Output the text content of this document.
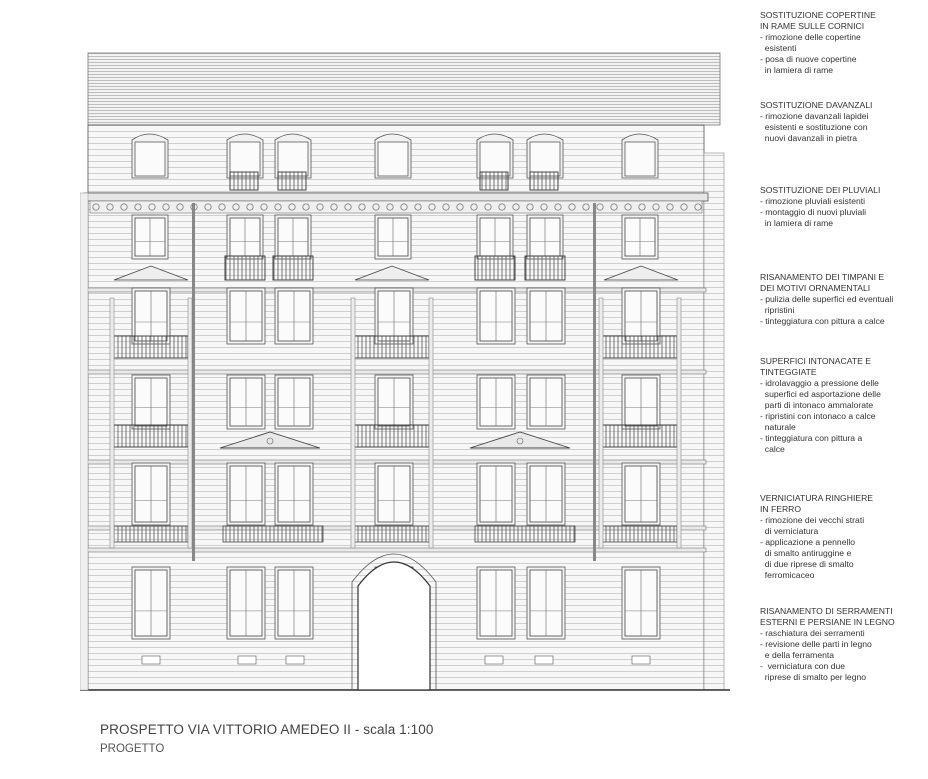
SOSTITUZIONE COPERTINE
IN RAME SULLE CORNICI
- rimozione delle copertine
esistenti
- posa di nuove copertine
in lamiera di rame
SOSTITUZIONE DAVANZALI
- rimozione davanzali lapidei
esistenti e sostituzione con
nuovi davanzali in pietra
SOSTITUZIONE DEI PLUVIALI
- rimozione pluviali esistenti
- montaggio di nuovi pluviali
in lamiera di rame
RISANAMENTO DEI TIMPANI E
DEI MOTIVI ORNAMENTALI
- pulizia delle superfici ed eventuali
ripristini
- tinteggiatura con pittura a calce
SUPERFICI INTONACATE E
TINTEGGIATE
- idrolavaggio a pressione delle
superfici ed asportazione delle
parti di intonaco ammalorate
- ripristini con intonaco a calce
naturale
- tinteggiatura con pittura a
calce
VERNICIATURA RINGHIERE
IN FERRO
- rimozione dei vecchi strati
di verniciatura
- applicazione a pennello
di smalto antiruggine e
di due riprese di smalto
ferromicaceo
RISANAMENTO DI SERRAMENTI
ESTERNI E PERSIANE IN LEGNO
- raschiatura dei serramenti
- revisione delle parti in legno
e della ferramenta
-  verniciatura con due
riprese di smalto per legno
PROSPETTO VIA VITTORIO AMEDEO II - scala 1:100
PROGETTO
